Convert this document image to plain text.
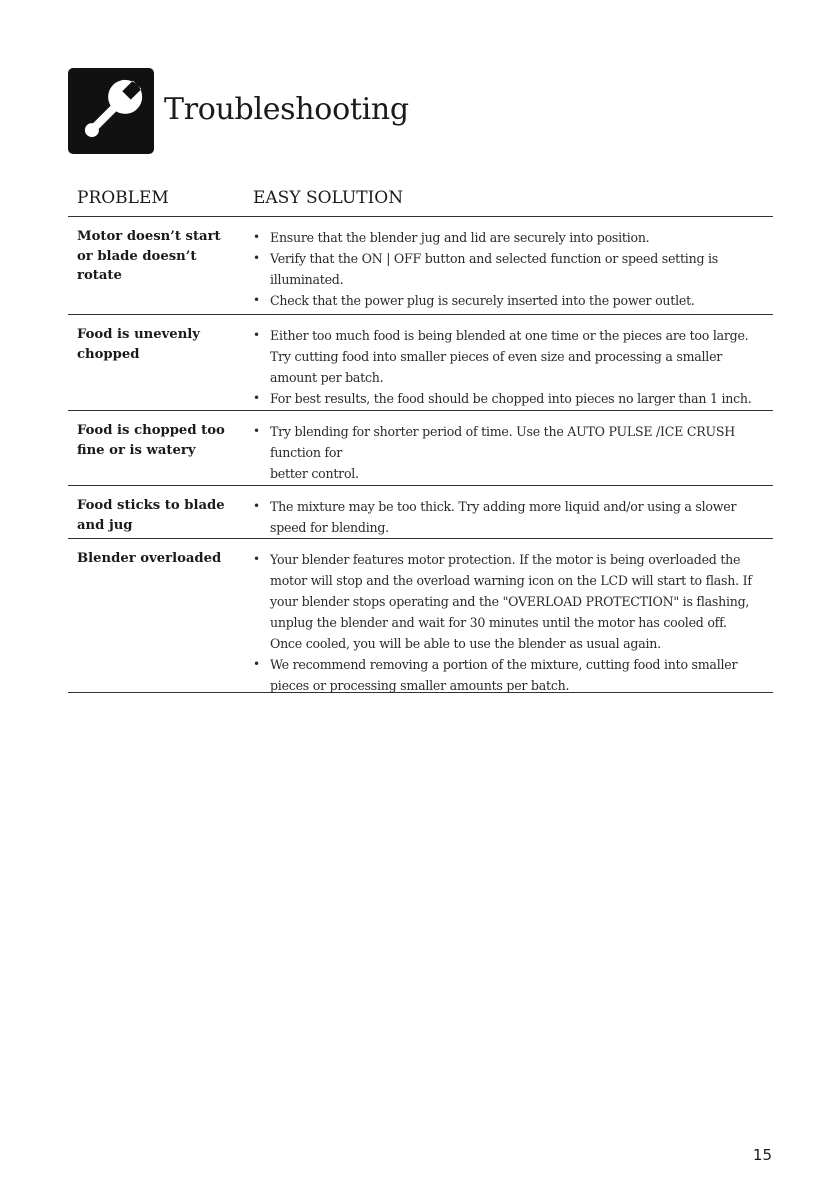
Troubleshooting
PROBLEM	EASY SOLUTION
Motor doesn’t start or blade doesn’t rotate
• Ensure that the blender jug and lid are securely into position.
• Verify that the ON | OFF button and selected function or speed setting is illuminated.
• Check that the power plug is securely inserted into the power outlet.
Food is unevenly chopped
• Either too much food is being blended at one time or the pieces are too large. Try cutting food into smaller pieces of even size and processing a smaller amount per batch.
• For best results, the food should be chopped into pieces no larger than 1 inch.
Food is chopped too fine or is watery
• Try blending for shorter period of time. Use the AUTO PULSE /ICE CRUSH function for
better control.
Food sticks to blade and jug
• The mixture may be too thick. Try adding more liquid and/or using a slower speed for blending.
Blender overloaded	• Your blender features motor protection. If the motor is being overloaded the motor will stop and the overload warning icon on the LCD will start to flash. If your blender stops operating and the "OVERLOAD PROTECTION" is flashing, unplug the blender and wait for 30 minutes until the motor has cooled off. Once cooled, you will be able to use the blender as usual again.
• We recommend removing a portion of the mixture, cutting food into smaller pieces or processing smaller amounts per batch.
15
